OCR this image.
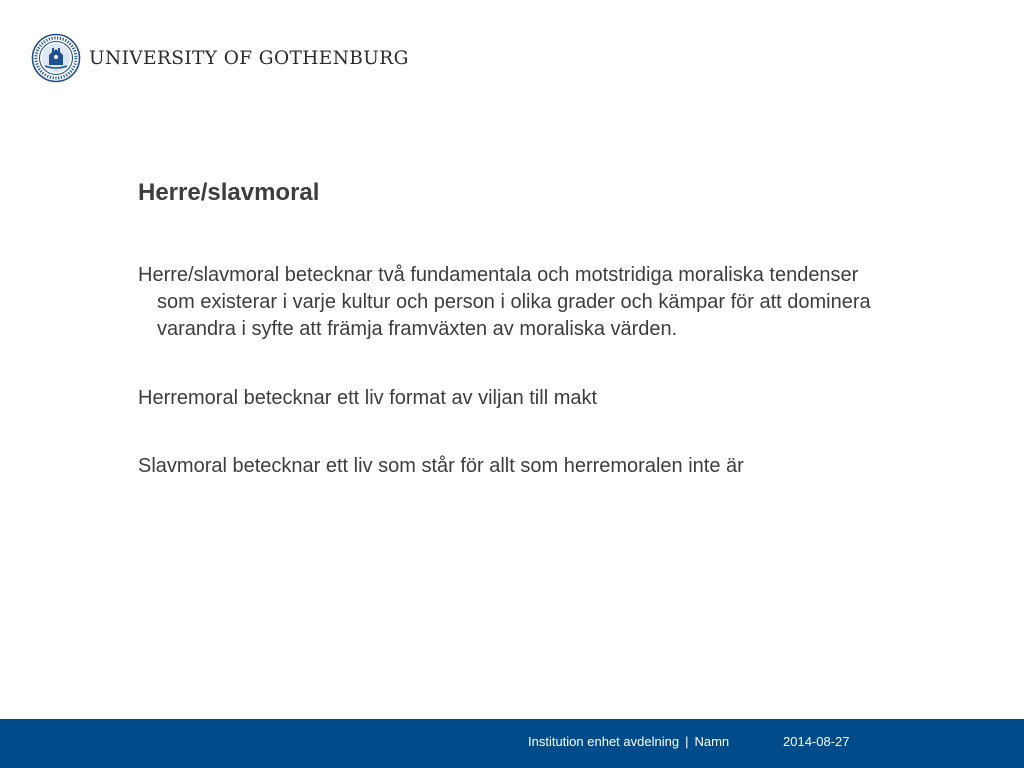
UNIVERSITY OF GOTHENBURG
Herre/slavmoral

Herre/slavmoral betecknar två fundamentala och motstridiga moraliska tendenser som existerar i varje kultur och person i olika grader och kämpar för att dominera varandra i syfte att främja framväxten av moraliska värden.

Herremoral betecknar ett liv format av viljan till makt

Slavmoral betecknar ett liv som står för allt som herremoralen inte är

Institution enhet avdelning | Namn	2014-08-27
